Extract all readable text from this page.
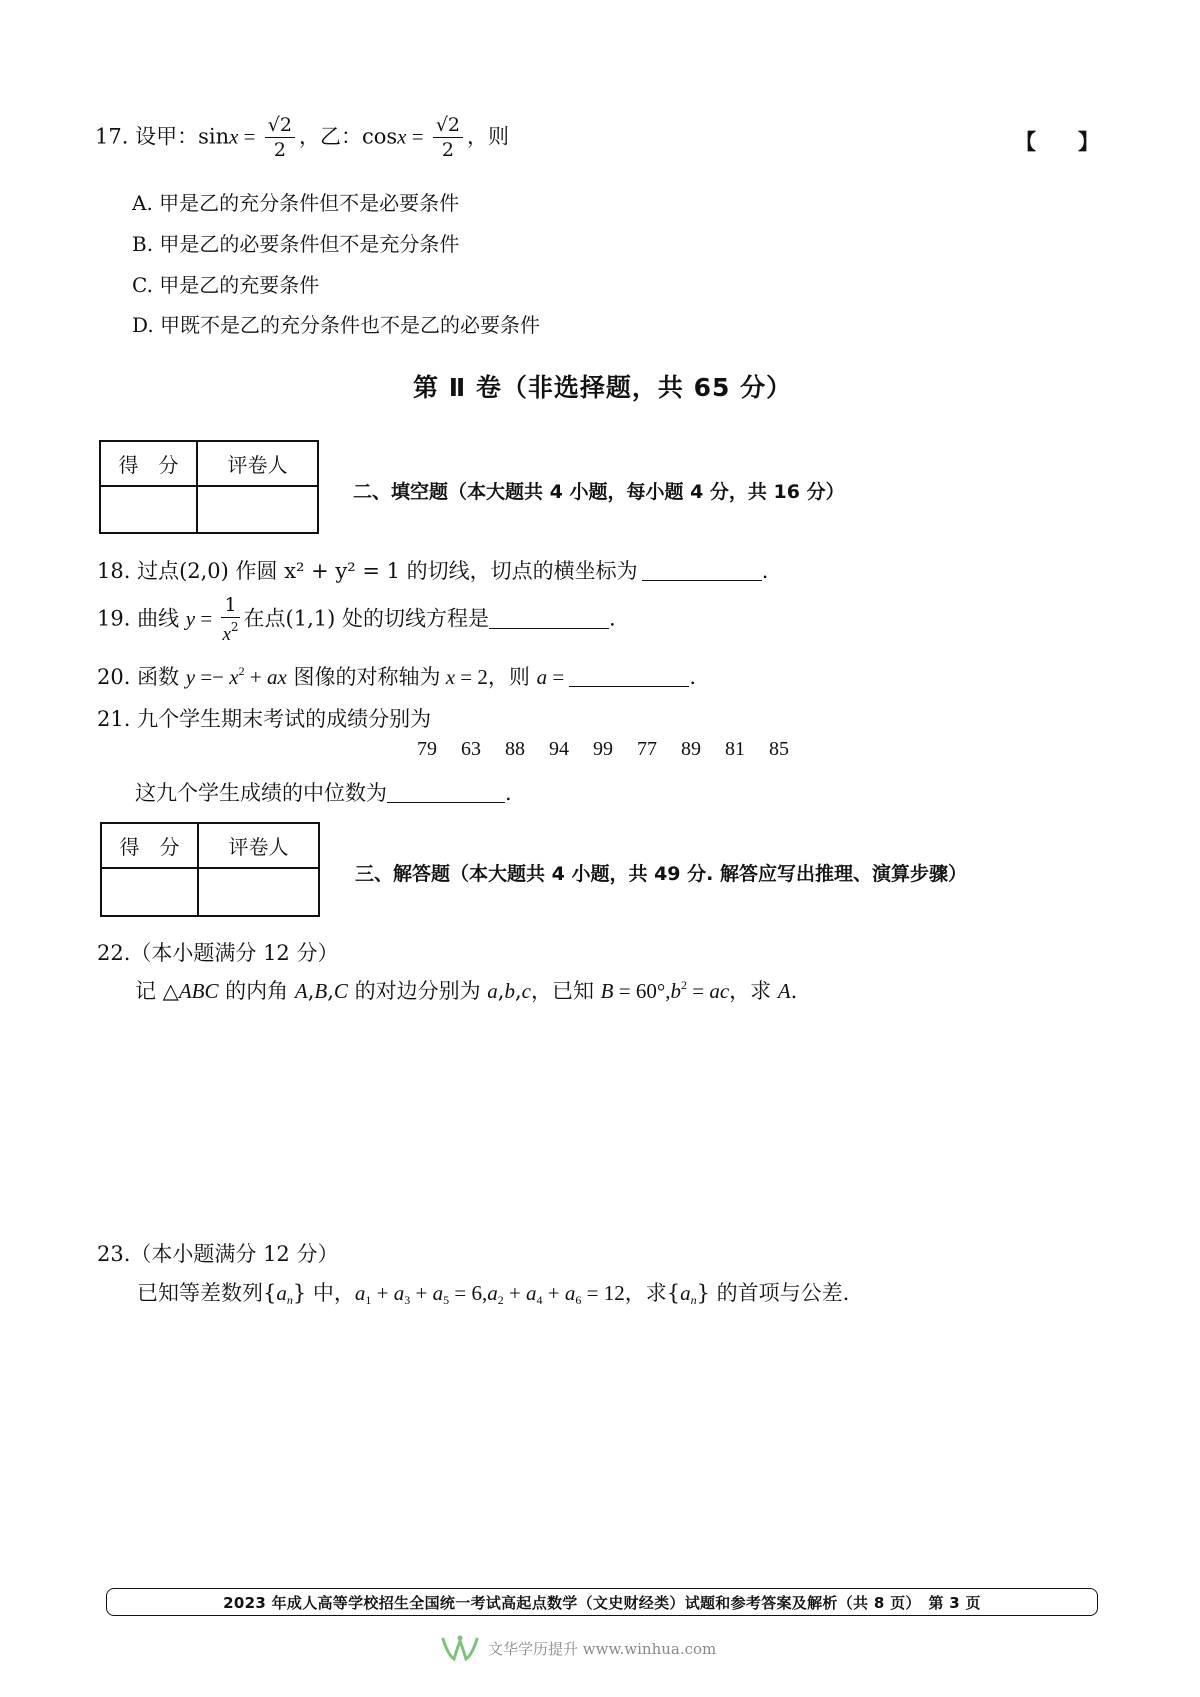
17. 设甲：$\sin x = \frac{√2}{2}$ ，乙：$\cos x = \frac{√2}{2}$ ，则	【　　】
A. 甲是乙的充分条件但不是必要条件
B. 甲是乙的必要条件但不是充分条件
C. 甲是乙的充要条件
D. 甲既不是乙的充分条件也不是乙的必要条件
第 Ⅱ 卷（非选择题，共 65 分）
得　分	评卷人

二、填空题（本大题共 4 小题，每小题 4 分，共 16 分）
18. 过点(2,0) 作圆 x² + y² = 1 的切线，切点的横坐标为	.
19. 曲线 $y = \frac{1}{x^2}$ 在点(1,1) 处的切线方程是	.
20. 函数 $y =- x^2$ + ax 图像的对称轴为 x = 2，则 a =	.
21. 九个学生期末考试的成绩分别为
79 63 88 94 99 77 89 81 85
这九个学生成绩的中位数为	.
得　分	评卷人

三、解答题（本大题共 4 小题，共 49 分. 解答应写出推理、演算步骤）
22.（本小题满分 12 分）
记 △ABC 的内角 A,B,C 的对边分别为 a,b,c，已知 $B = 60^\circ,b^2$ = ac，求 A.
23.（本小题满分 12 分）
已知等差数列$\{a_n\}$ 中，$a_1 + a_3 + a_5 = 6,a_2 + a_4 + a_6 = 12$，求$\{a_n\}$ 的首项与公差.
2023 年成人高等学校招生全国统一考试高起点数学（文史财经类）试题和参考答案及解析（共 8 页）　第 3 页
文华学历提升 www.winhua.com
